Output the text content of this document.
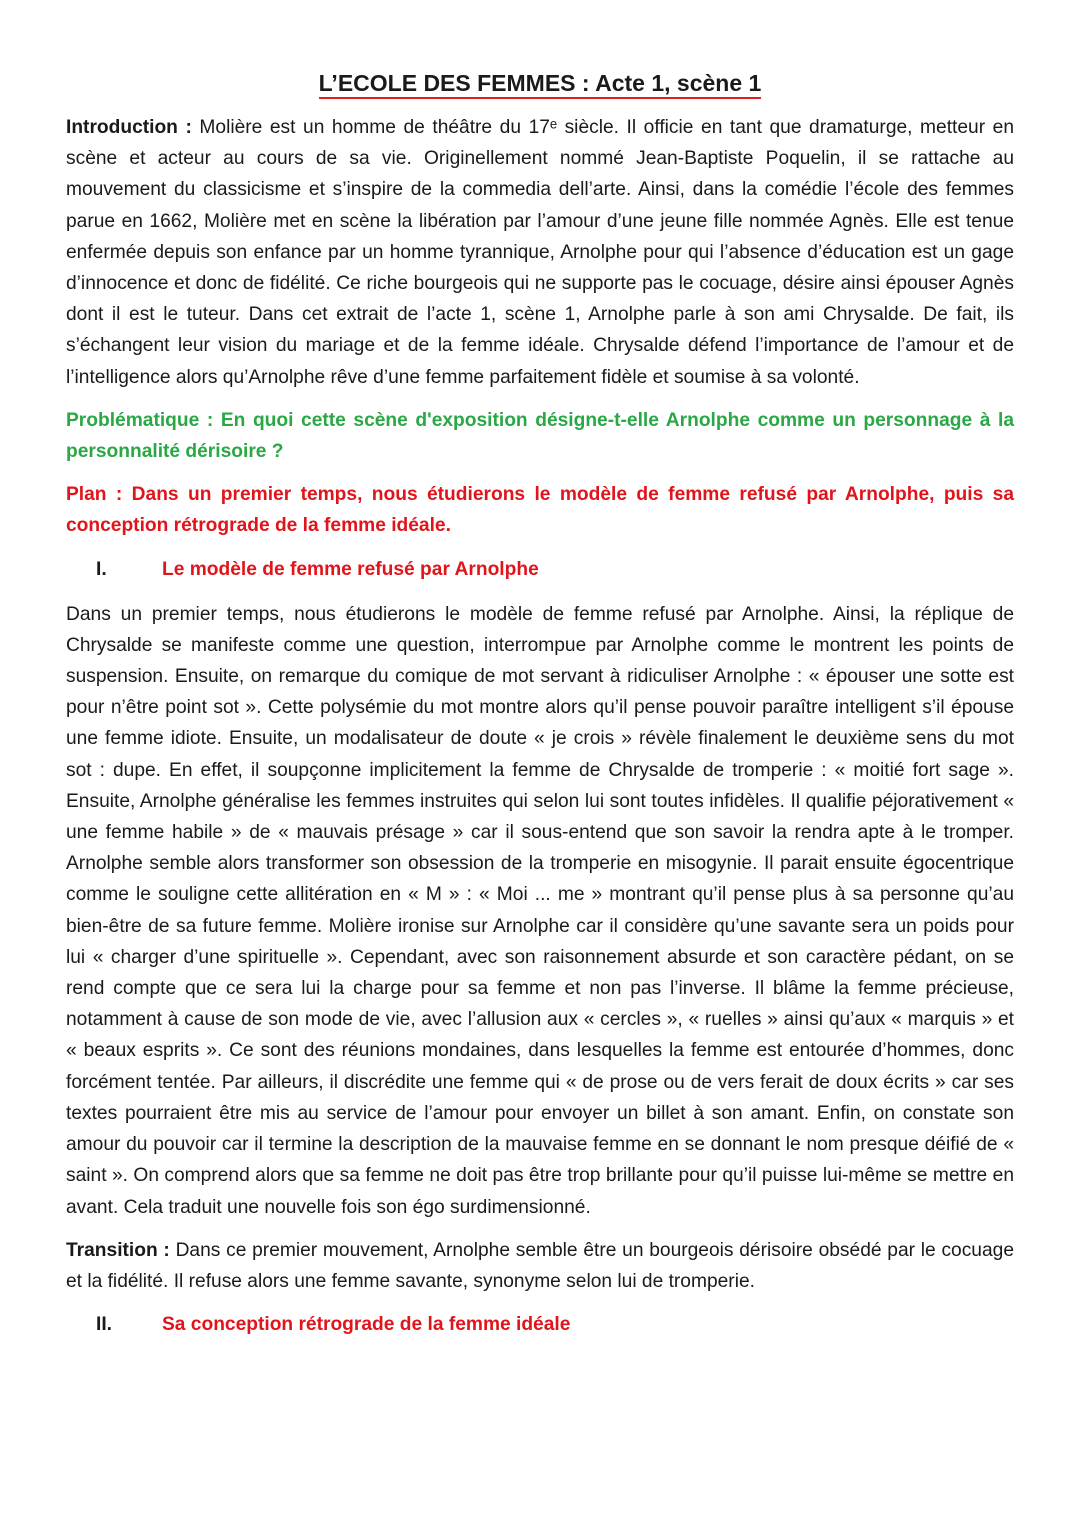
L’ECOLE DES FEMMES : Acte 1, scène 1

Introduction : Molière est un homme de théâtre du 17ᵉ siècle. Il officie en tant que dramaturge, metteur en scène et acteur au cours de sa vie. Originellement nommé Jean-Baptiste Poquelin, il se rattache au mouvement du classicisme et s’inspire de la commedia dell’arte. Ainsi, dans la comédie l’école des femmes parue en 1662, Molière met en scène la libération par l’amour d’une jeune fille nommée Agnès. Elle est tenue enfermée depuis son enfance par un homme tyrannique, Arnolphe pour qui l’absence d’éducation est un gage d’innocence et donc de fidélité. Ce riche bourgeois qui ne supporte pas le cocuage, désire ainsi épouser Agnès dont il est le tuteur. Dans cet extrait de l’acte 1, scène 1, Arnolphe parle à son ami Chrysalde. De fait, ils s’échangent leur vision du mariage et de la femme idéale. Chrysalde défend l’importance de l’amour et de l’intelligence alors qu’Arnolphe rêve d’une femme parfaitement fidèle et soumise à sa volonté.

Problématique : En quoi cette scène d'exposition désigne-t-elle Arnolphe comme un personnage à la personnalité dérisoire ?

Plan : Dans un premier temps, nous étudierons le modèle de femme refusé par Arnolphe, puis sa conception rétrograde de la femme idéale.

I.	Le modèle de femme refusé par Arnolphe

Dans un premier temps, nous étudierons le modèle de femme refusé par Arnolphe. Ainsi, la réplique de Chrysalde se manifeste comme une question, interrompue par Arnolphe comme le montrent les points de suspension. Ensuite, on remarque du comique de mot servant à ridiculiser Arnolphe : « épouser une sotte est pour n’être point sot ». Cette polysémie du mot montre alors qu’il pense pouvoir paraître intelligent s’il épouse une femme idiote. Ensuite, un modalisateur de doute « je crois » révèle finalement le deuxième sens du mot sot : dupe. En effet, il soupçonne implicitement la femme de Chrysalde de tromperie : « moitié fort sage ». Ensuite, Arnolphe généralise les femmes instruites qui selon lui sont toutes infidèles. Il qualifie péjorativement « une femme habile » de « mauvais présage » car il sous-entend que son savoir la rendra apte à le tromper. Arnolphe semble alors transformer son obsession de la tromperie en misogynie. Il parait ensuite égocentrique comme le souligne cette allitération en « M » : « Moi ... me » montrant qu’il pense plus à sa personne qu’au bien-être de sa future femme. Molière ironise sur Arnolphe car il considère qu’une savante sera un poids pour lui « charger d’une spirituelle ». Cependant, avec son raisonnement absurde et son caractère pédant, on se rend compte que ce sera lui la charge pour sa femme et non pas l’inverse. Il blâme la femme précieuse, notamment à cause de son mode de vie, avec l’allusion aux « cercles », « ruelles » ainsi qu’aux « marquis » et « beaux esprits ». Ce sont des réunions mondaines, dans lesquelles la femme est entourée d’hommes, donc forcément tentée. Par ailleurs, il discrédite une femme qui « de prose ou de vers ferait de doux écrits » car ses textes pourraient être mis au service de l’amour pour envoyer un billet à son amant. Enfin, on constate son amour du pouvoir car il termine la description de la mauvaise femme en se donnant le nom presque déifié de « saint ». On comprend alors que sa femme ne doit pas être trop brillante pour qu’il puisse lui-même se mettre en avant. Cela traduit une nouvelle fois son égo surdimensionné.

Transition : Dans ce premier mouvement, Arnolphe semble être un bourgeois dérisoire obsédé par le cocuage et la fidélité. Il refuse alors une femme savante, synonyme selon lui de tromperie.

II.	Sa conception rétrograde de la femme idéale
